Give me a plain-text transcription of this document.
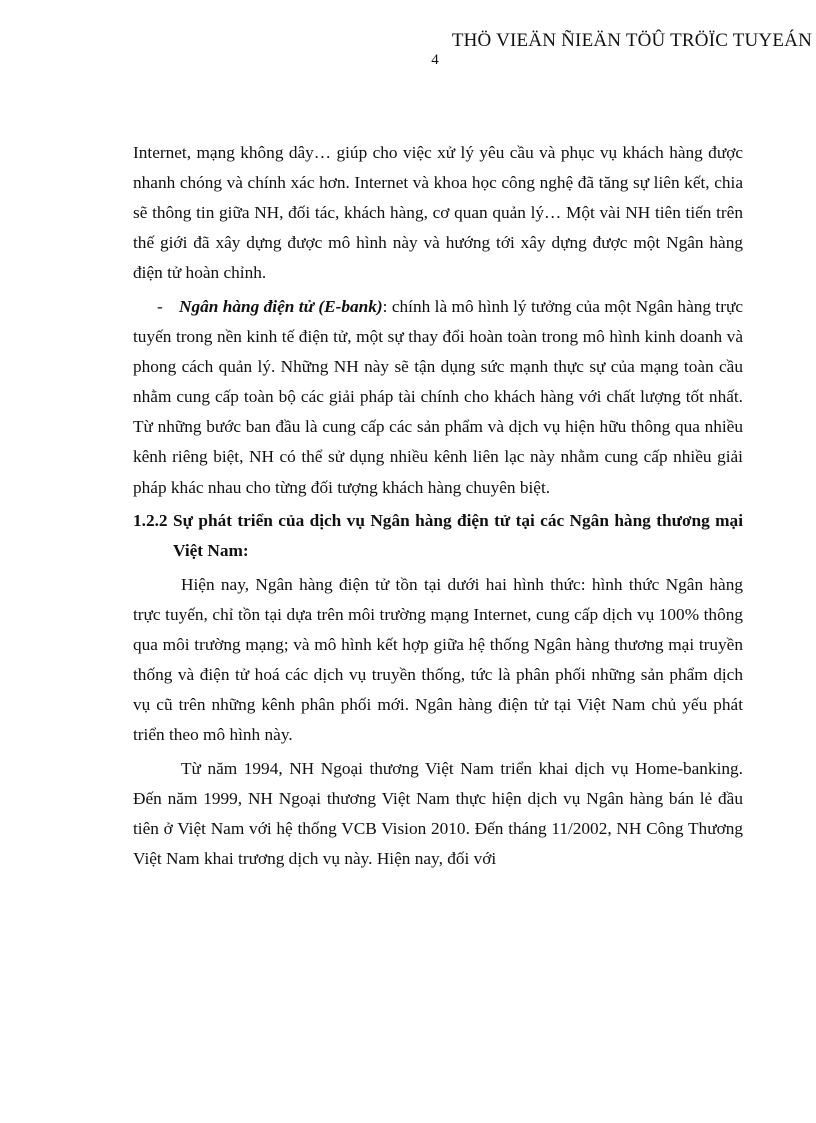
THÖ VIEÄN ÑIEÄN TÖÛ TRÖÏC TUYEÁN
4

Internet, mạng không dây… giúp cho việc xử lý yêu cầu và phục vụ khách hàng được nhanh chóng và chính xác hơn. Internet và khoa học công nghệ đã tăng sự liên kết, chia sẽ thông tin giữa NH, đối tác, khách hàng, cơ quan quản lý… Một vài NH tiên tiến trên thế giới đã xây dựng được mô hình này và hướng tới xây dựng được một Ngân hàng điện tử hoàn chỉnh.

- Ngân hàng điện tử (E-bank): chính là mô hình lý tưởng của một Ngân hàng trực tuyến trong nền kinh tế điện tử, một sự thay đổi hoàn toàn trong mô hình kinh doanh và phong cách quản lý. Những NH này sẽ tận dụng sức mạnh thực sự của mạng toàn cầu nhằm cung cấp toàn bộ các giải pháp tài chính cho khách hàng với chất lượng tốt nhất. Từ những bước ban đầu là cung cấp các sản phẩm và dịch vụ hiện hữu thông qua nhiều kênh riêng biệt, NH có thể sử dụng nhiều kênh liên lạc này nhằm cung cấp nhiều giải pháp khác nhau cho từng đối tượng khách hàng chuyên biệt.

1.2.2 Sự phát triển của dịch vụ Ngân hàng điện tử tại các Ngân hàng thương mại Việt Nam:

Hiện nay, Ngân hàng điện tử tồn tại dưới hai hình thức: hình thức Ngân hàng trực tuyến, chỉ tồn tại dựa trên môi trường mạng Internet, cung cấp dịch vụ 100% thông qua môi trường mạng; và mô hình kết hợp giữa hệ thống Ngân hàng thương mại truyền thống và điện tử hoá các dịch vụ truyền thống, tức là phân phối những sản phẩm dịch vụ cũ trên những kênh phân phối mới. Ngân hàng điện tử tại Việt Nam chủ yếu phát triển theo mô hình này.

Từ năm 1994, NH Ngoại thương Việt Nam triển khai dịch vụ Home-banking. Đến năm 1999, NH Ngoại thương Việt Nam thực hiện dịch vụ Ngân hàng bán lẻ đầu tiên ở Việt Nam với hệ thống VCB Vision 2010. Đến tháng 11/2002, NH Công Thương Việt Nam khai trương dịch vụ này. Hiện nay, đối với
